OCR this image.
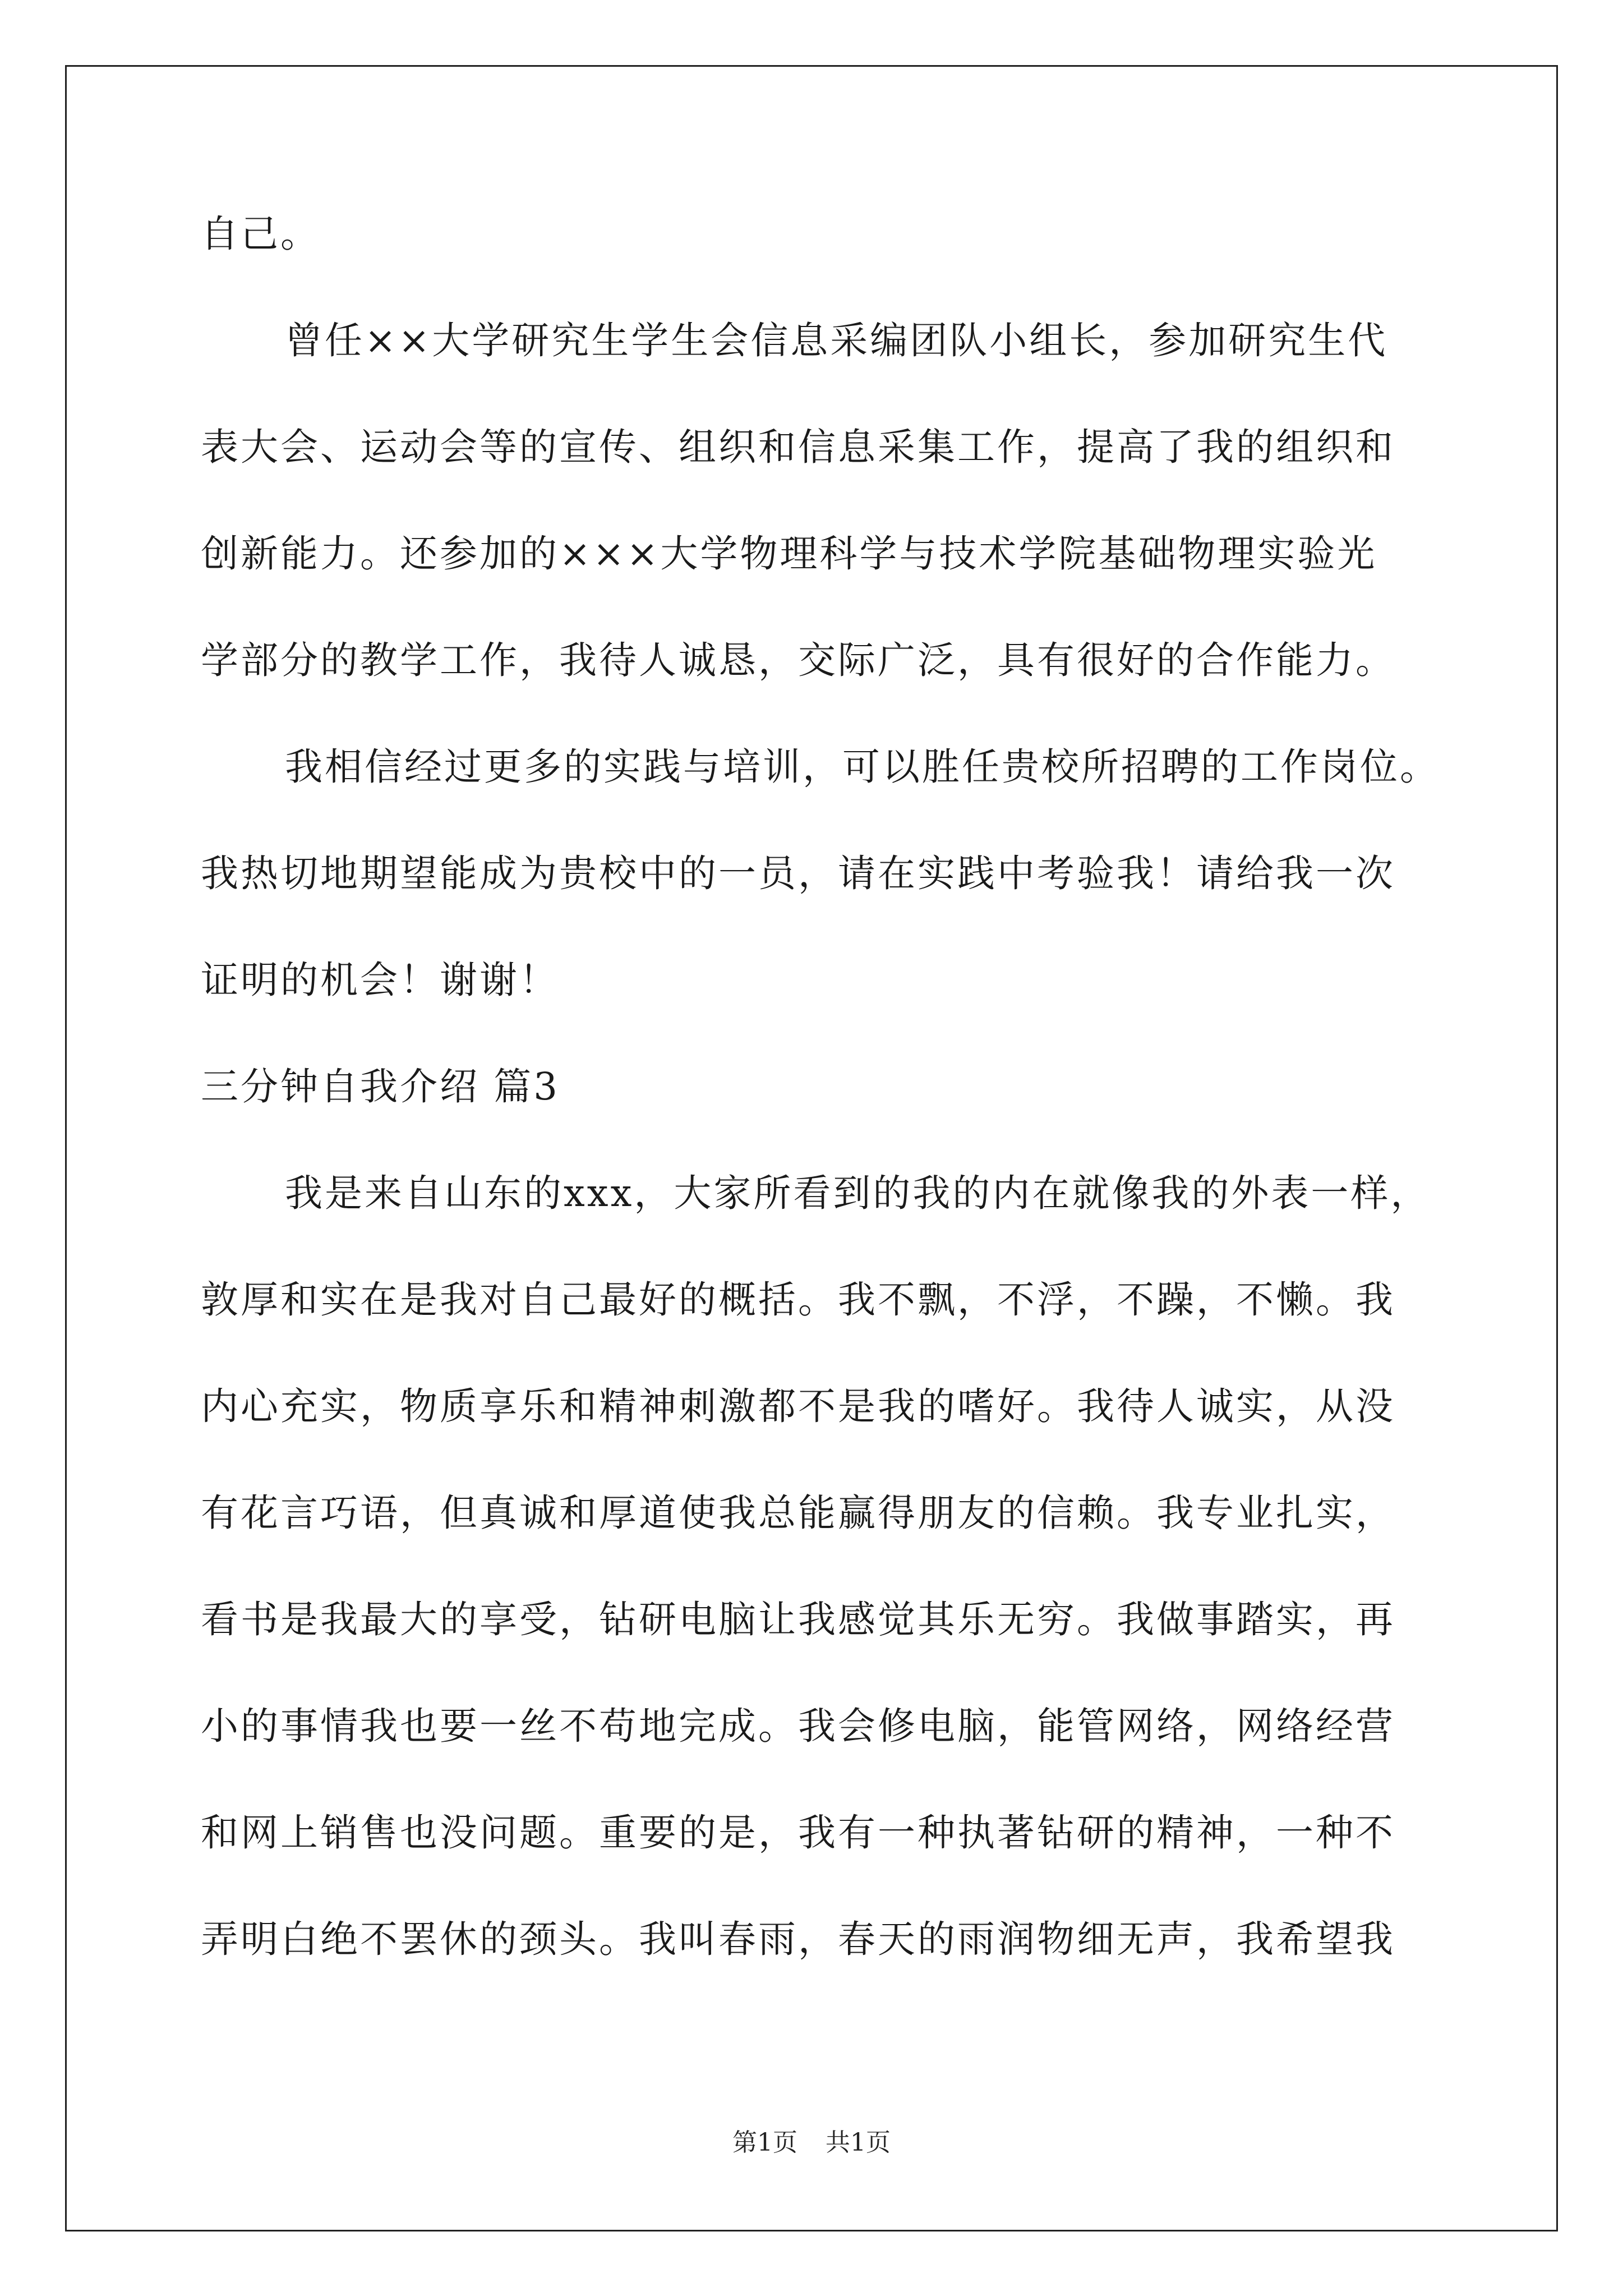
自己。
曾任××大学研究生学生会信息采编团队小组长，参加研究生代
表大会、运动会等的宣传、组织和信息采集工作，提高了我的组织和
创新能力。还参加的×××大学物理科学与技术学院基础物理实验光
学部分的教学工作，我待人诚恳，交际广泛，具有很好的合作能力。
我相信经过更多的实践与培训，可以胜任贵校所招聘的工作岗位。
我热切地期望能成为贵校中的一员，请在实践中考验我！请给我一次
证明的机会！谢谢！
三分钟自我介绍 篇3
我是来自山东的xxx，大家所看到的我的内在就像我的外表一样，
敦厚和实在是我对自己最好的概括。我不飘，不浮，不躁，不懒。我
内心充实，物质享乐和精神刺激都不是我的嗜好。我待人诚实，从没
有花言巧语，但真诚和厚道使我总能赢得朋友的信赖。我专业扎实，
看书是我最大的享受，钻研电脑让我感觉其乐无穷。我做事踏实，再
小的事情我也要一丝不苟地完成。我会修电脑，能管网络，网络经营
和网上销售也没问题。重要的是，我有一种执著钻研的精神，一种不
弄明白绝不罢休的颈头。我叫春雨，春天的雨润物细无声，我希望我
第1页 共1页
